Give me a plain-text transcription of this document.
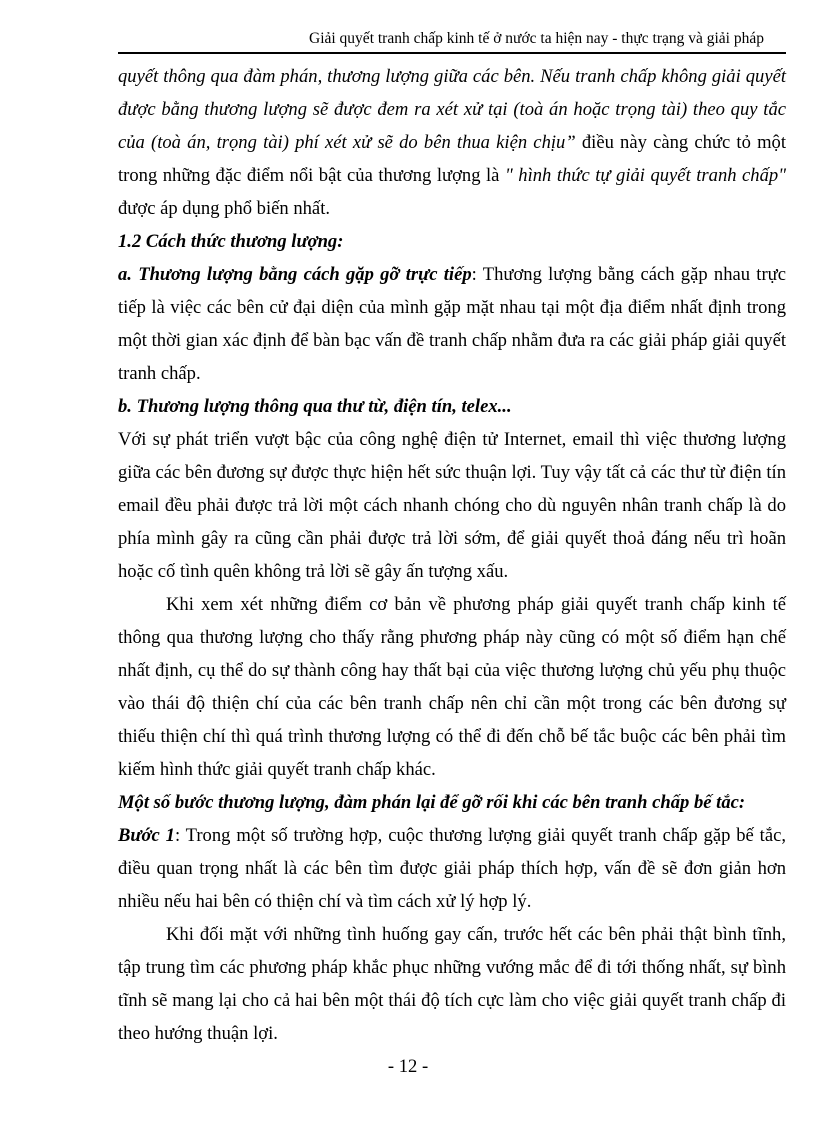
Giải quyết tranh chấp kinh tế ở nước ta hiện nay - thực trạng và giải pháp

quyết thông qua đàm phán, thương lượng giữa các bên. Nếu tranh chấp không giải quyết được bằng thương lượng sẽ được đem ra xét xử tại (toà án hoặc trọng tài) theo quy tắc của (toà án, trọng tài) phí xét xử sẽ do bên thua kiện chịu” điều này càng chức tỏ một trong những đặc điểm nổi bật của thương lượng là " hình thức tự giải quyết tranh chấp" được áp dụng phổ biến nhất.

1.2 Cách thức thương lượng:

a. Thương lượng bằng cách gặp gỡ trực tiếp: Thương lượng bằng cách gặp nhau trực tiếp là việc các bên cử đại diện của mình gặp mặt nhau tại một địa điểm nhất định trong một thời gian xác định để bàn bạc vấn đề tranh chấp nhằm đưa ra các giải pháp giải quyết tranh chấp.

b. Thương lượng thông qua thư từ, điện tín, telex...

Với sự phát triển vượt bậc của công nghệ điện tử Internet, email thì việc thương lượng giữa các bên đương sự được thực hiện hết sức thuận lợi. Tuy vậy tất cả các thư từ điện tín email đều phải được trả lời một cách nhanh chóng cho dù nguyên nhân tranh chấp là do phía mình gây ra cũng cần phải được trả lời sớm, để giải quyết thoả đáng nếu trì hoãn hoặc cố tình quên không trả lời sẽ gây ấn tượng xấu.

Khi xem xét những điểm cơ bản về phương pháp giải quyết tranh chấp kinh tế thông qua thương lượng cho thấy rằng phương pháp này cũng có một số điểm hạn chế nhất định, cụ thể do sự thành công hay thất bại của việc thương lượng chủ yếu phụ thuộc vào thái độ thiện chí của các bên tranh chấp nên chỉ cần một trong các bên đương sự thiếu thiện chí thì quá trình thương lượng có thể đi đến chỗ bế tắc buộc các bên phải tìm kiếm hình thức giải quyết tranh chấp khác.

Một số bước thương lượng, đàm phán lại để gỡ rối khi các bên tranh chấp bế tắc:

Bước 1: Trong một số trường hợp, cuộc thương lượng giải quyết tranh chấp gặp bế tắc, điều quan trọng nhất là các bên tìm được giải pháp thích hợp, vấn đề sẽ đơn giản hơn nhiều nếu hai bên có thiện chí và tìm cách xử lý hợp lý.

Khi đối mặt với những tình huống gay cấn, trước hết các bên phải thật bình tĩnh, tập trung tìm các phương pháp khắc phục những vướng mắc để đi tới thống nhất, sự bình tĩnh sẽ mang lại cho cả hai bên một thái độ tích cực làm cho việc giải quyết tranh chấp đi theo hướng thuận lợi.

- 12 -
